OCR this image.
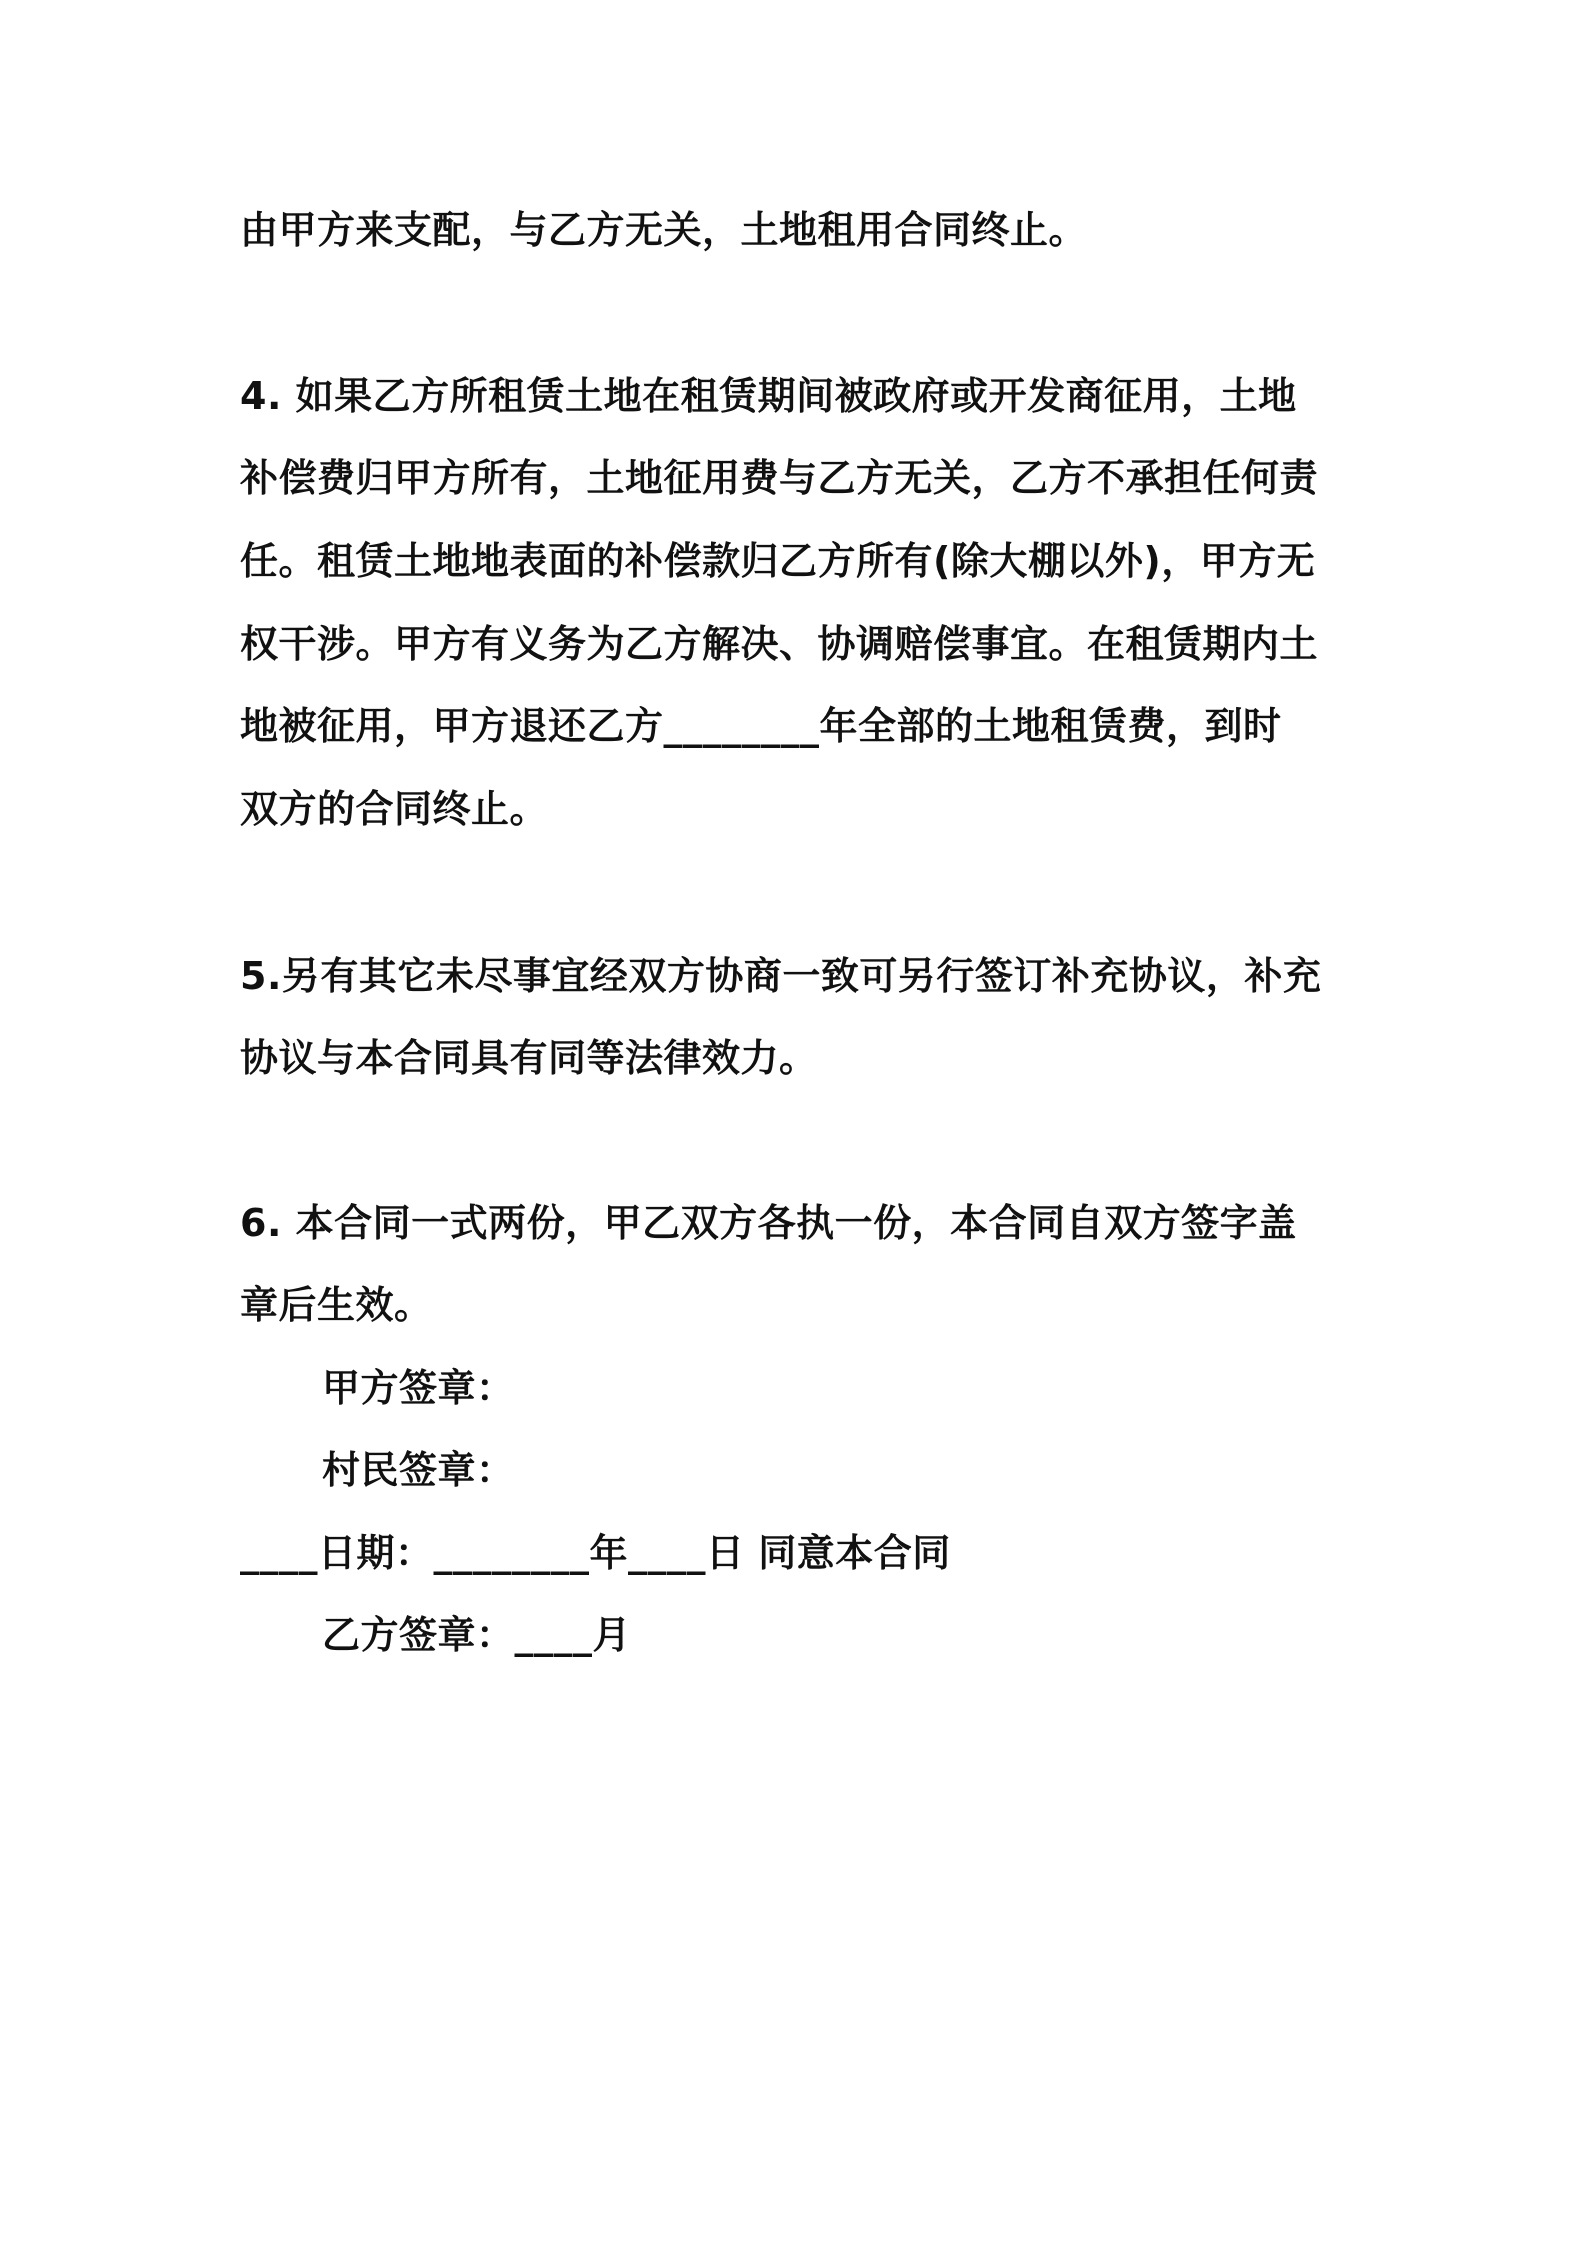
由甲方来支配，与乙方无关，土地租用合同终止。
4. 如果乙方所租赁土地在租赁期间被政府或开发商征用，土地
补偿费归甲方所有，土地征用费与乙方无关，乙方不承担任何责
任。租赁土地地表面的补偿款归乙方所有(除大棚以外)，甲方无
权干涉。甲方有义务为乙方解决、协调赔偿事宜。在租赁期内土
地被征用，甲方退还乙方________年全部的土地租赁费，到时
双方的合同终止。
5.另有其它未尽事宜经双方协商一致可另行签订补充协议，补充
协议与本合同具有同等法律效力。
6. 本合同一式两份，甲乙双方各执一份，本合同自双方签字盖
章后生效。
甲方签章：
村民签章：
____日期：________年____日 同意本合同
乙方签章：____月
